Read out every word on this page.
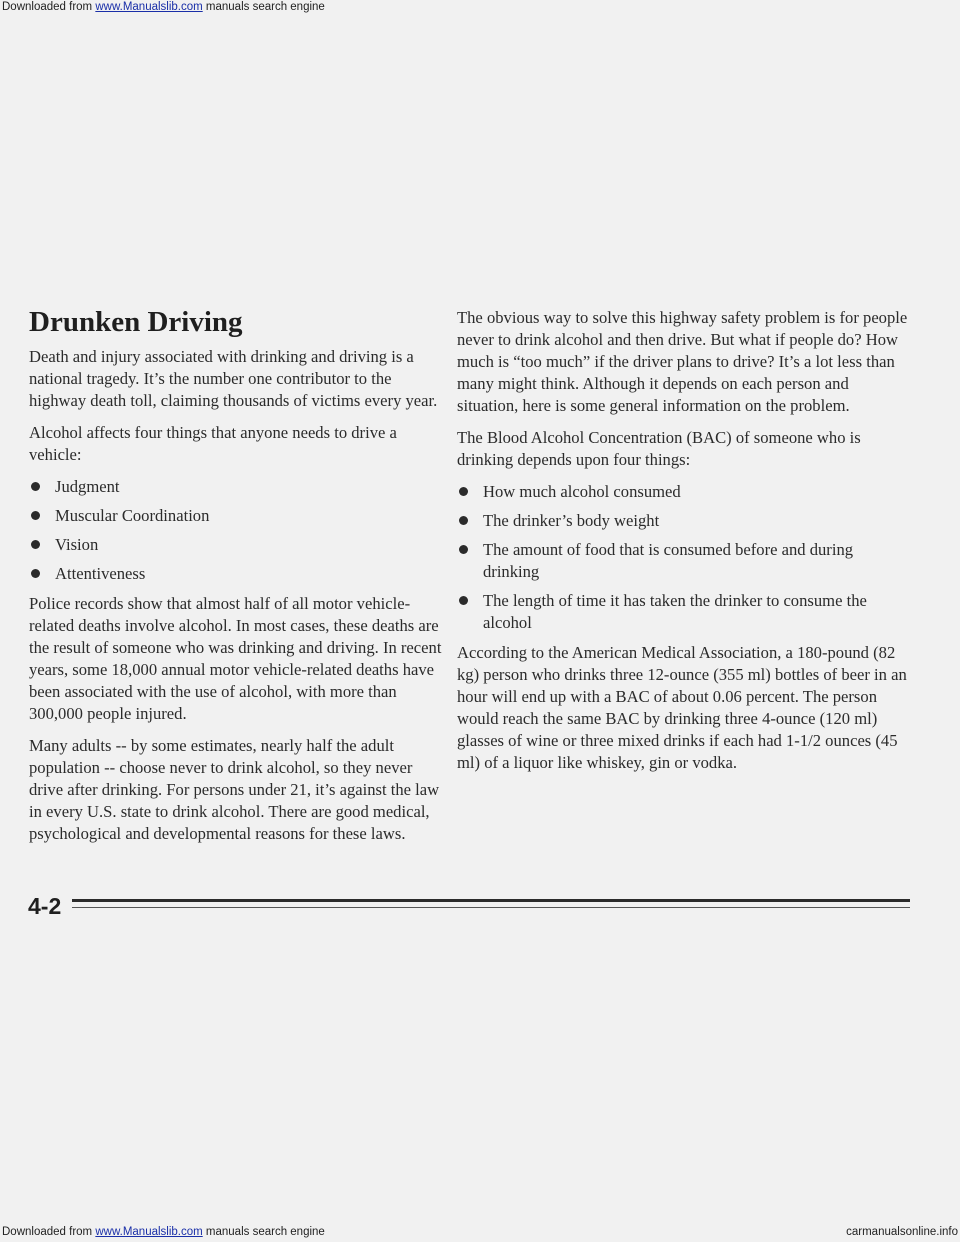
Downloaded from www.Manualslib.com manuals search engine
Drunken Driving

Death and injury associated with drinking and driving is a national tragedy. It’s the number one contributor to the highway death toll, claiming thousands of victims every year.

Alcohol affects four things that anyone needs to drive a vehicle:

Judgment
Muscular Coordination
Vision
Attentiveness

Police records show that almost half of all motor vehicle-related deaths involve alcohol. In most cases, these deaths are the result of someone who was drinking and driving. In recent years, some 18,000 annual motor vehicle-related deaths have been associated with the use of alcohol, with more than 300,000 people injured.

Many adults -- by some estimates, nearly half the adult population -- choose never to drink alcohol, so they never drive after drinking. For persons under 21, it’s against the law in every U.S. state to drink alcohol. There are good medical, psychological and developmental reasons for these laws.

The obvious way to solve this highway safety problem is for people never to drink alcohol and then drive. But what if people do? How much is “too much” if the driver plans to drive? It’s a lot less than many might think. Although it depends on each person and situation, here is some general information on the problem.

The Blood Alcohol Concentration (BAC) of someone who is drinking depends upon four things:

How much alcohol consumed
The drinker’s body weight
The amount of food that is consumed before and during drinking
The length of time it has taken the drinker to consume the alcohol

According to the American Medical Association, a 180-pound (82 kg) person who drinks three 12-ounce (355 ml) bottles of beer in an hour will end up with a BAC of about 0.06 percent. The person would reach the same BAC by drinking three 4-ounce (120 ml) glasses of wine or three mixed drinks if each had 1-1/2 ounces (45 ml) of a liquor like whiskey, gin or vodka.

4-2
Downloaded from www.Manualslib.com manuals search engine	carmanualsonline.info
